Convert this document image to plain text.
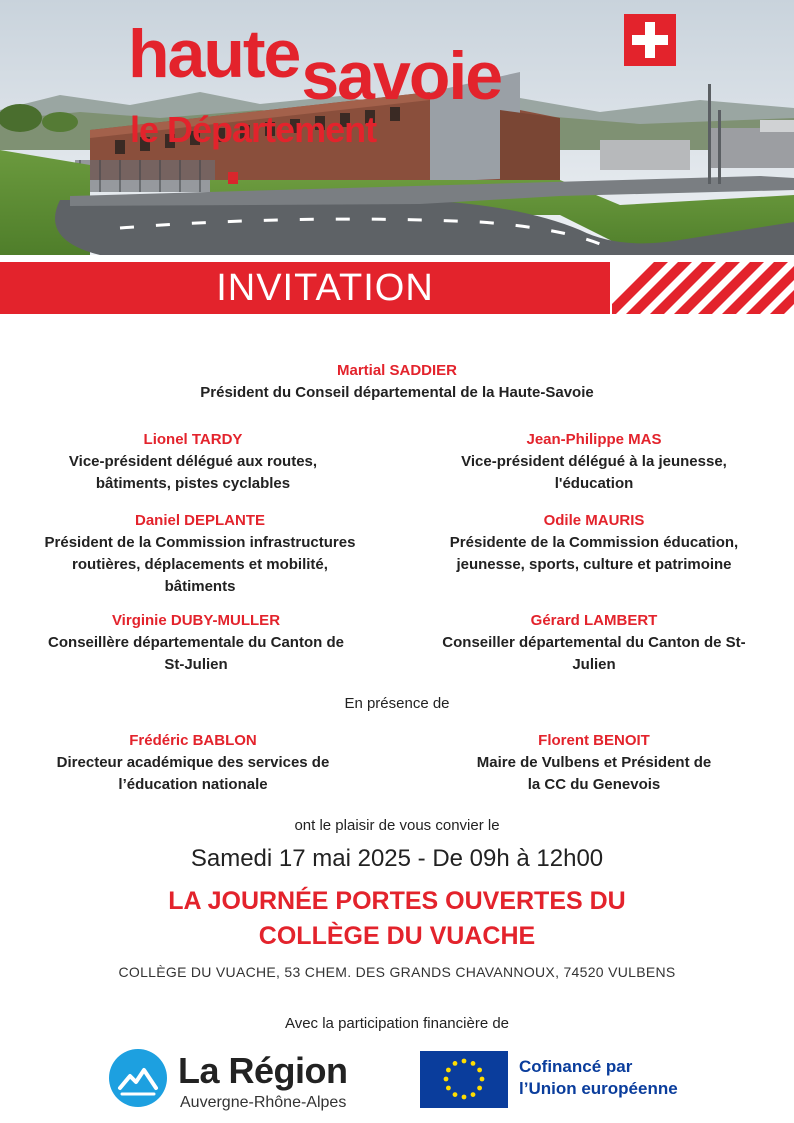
hautesavoie
le Département
INVITATION
Martial SADDIER
Président du Conseil départemental de la Haute-Savoie
Lionel TARDY
Vice-président délégué aux routes,
bâtiments, pistes cyclables
Daniel DEPLANTE
Président de la Commission infrastructures
routières, déplacements et mobilité,
bâtiments
Virginie DUBY-MULLER
Conseillère départementale du Canton de
St-Julien
Jean-Philippe MAS
Vice-président délégué à la jeunesse,
l'éducation
Odile MAURIS
Présidente de la Commission éducation,
jeunesse, sports, culture et patrimoine
Gérard LAMBERT
Conseiller départemental du Canton de St-
Julien
En présence de
Frédéric BABLON
Directeur académique des services de
l’éducation nationale
Florent BENOIT
Maire de Vulbens et Président de
la CC du Genevois
ont le plaisir de vous convier le
Samedi 17 mai 2025 - De 09h à 12h00
LA JOURNÉE PORTES OUVERTES DU
COLLÈGE DU VUACHE
COLLÈGE DU VUACHE, 53 CHEM. DES GRANDS CHAVANNOUX, 74520 VULBENS
Avec la participation financière de
La Région
Auvergne-Rhône-Alpes
Cofinancé par
l’Union européenne
